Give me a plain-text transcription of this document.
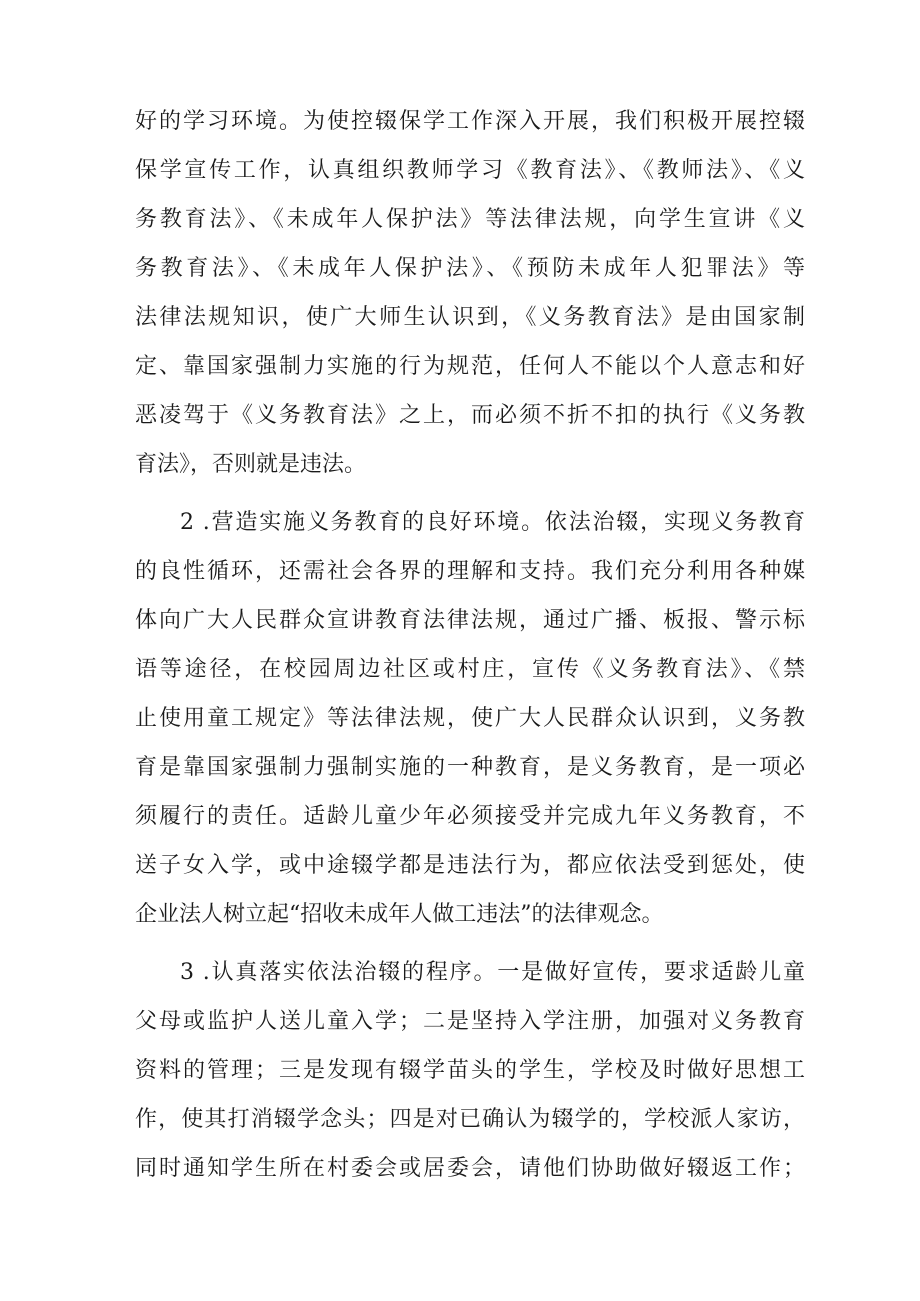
好的学习环境。为使控辍保学工作深入开展，我们积极开展控辍
保学宣传工作，认真组织教师学习《教育法》、《教师法》、《义
务教育法》、《未成年人保护法》等法律法规，向学生宣讲《义
务教育法》、《未成年人保护法》、《预防未成年人犯罪法》等
法律法规知识，使广大师生认识到，《义务教育法》是由国家制
定、靠国家强制力实施的行为规范，任何人不能以个人意志和好
恶凌驾于《义务教育法》之上，而必须不折不扣的执行《义务教
育法》，否则就是违法。
2 .营造实施义务教育的良好环境。依法治辍，实现义务教育
的良性循环，还需社会各界的理解和支持。我们充分利用各种媒
体向广大人民群众宣讲教育法律法规，通过广播、板报、警示标
语等途径，在校园周边社区或村庄，宣传《义务教育法》、《禁
止使用童工规定》等法律法规，使广大人民群众认识到，义务教
育是靠国家强制力强制实施的一种教育，是义务教育，是一项必
须履行的责任。适龄儿童少年必须接受并完成九年义务教育，不
送子女入学，或中途辍学都是违法行为，都应依法受到惩处，使
企业法人树立起“招收未成年人做工违法”的法律观念。
3 .认真落实依法治辍的程序。一是做好宣传，要求适龄儿童
父母或监护人送儿童入学；二是坚持入学注册，加强对义务教育
资料的管理；三是发现有辍学苗头的学生，学校及时做好思想工
作，使其打消辍学念头；四是对已确认为辍学的，学校派人家访，
同时通知学生所在村委会或居委会，请他们协助做好辍返工作；
